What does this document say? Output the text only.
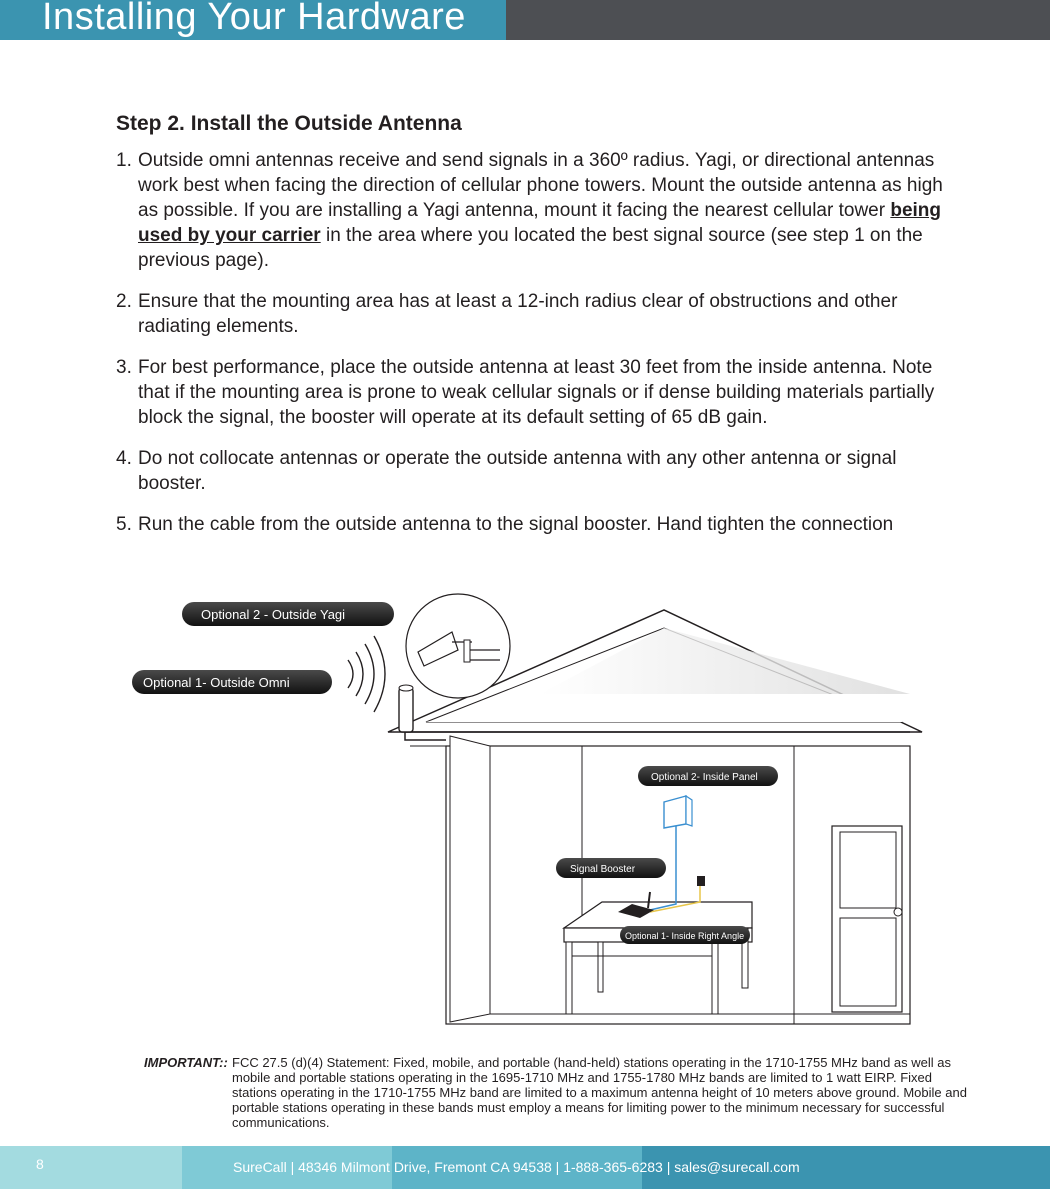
Installing Your Hardware
Step 2. Install the Outside Antenna
1. Outside omni antennas receive and send signals in a 360º radius. Yagi, or directional antennas work best when facing the direction of cellular phone towers. Mount the outside antenna as high as possible. If you are installing a Yagi antenna, mount it facing the nearest cellular tower being used by your carrier in the area where you located the best signal source (see step 1 on the previous page).
2. Ensure that the mounting area has at least a 12-inch radius clear of obstructions and other radiating elements.
3. For best performance, place the outside antenna at least 30 feet from the inside antenna. Note that if the mounting area is prone to weak cellular signals or if dense building materials partially block the signal, the booster will operate at its default setting of 65 dB gain.
4. Do not collocate antennas or operate the outside antenna with any other antenna or signal booster.
5. Run the cable from the outside antenna to the signal booster. Hand tighten the connection
Optional 2 - Outside Yagi
Optional 1- Outside Omni
Optional 2- Inside Panel
Signal Booster
Optional 1- Inside Right Angle
IMPORTANT:: FCC 27.5 (d)(4) Statement: Fixed, mobile, and portable (hand-held) stations operating in the 1710-1755 MHz band as well as mobile and portable stations operating in the 1695-1710 MHz and 1755-1780 MHz bands are limited to 1 watt EIRP. Fixed stations operating in the 1710-1755 MHz band are limited to a maximum antenna height of 10 meters above ground. Mobile and portable stations operating in these bands must employ a means for limiting power to the minimum necessary for successful communications.
8	SureCall | 48346 Milmont Drive, Fremont CA 94538 | 1-888-365-6283 | sales@surecall.com
